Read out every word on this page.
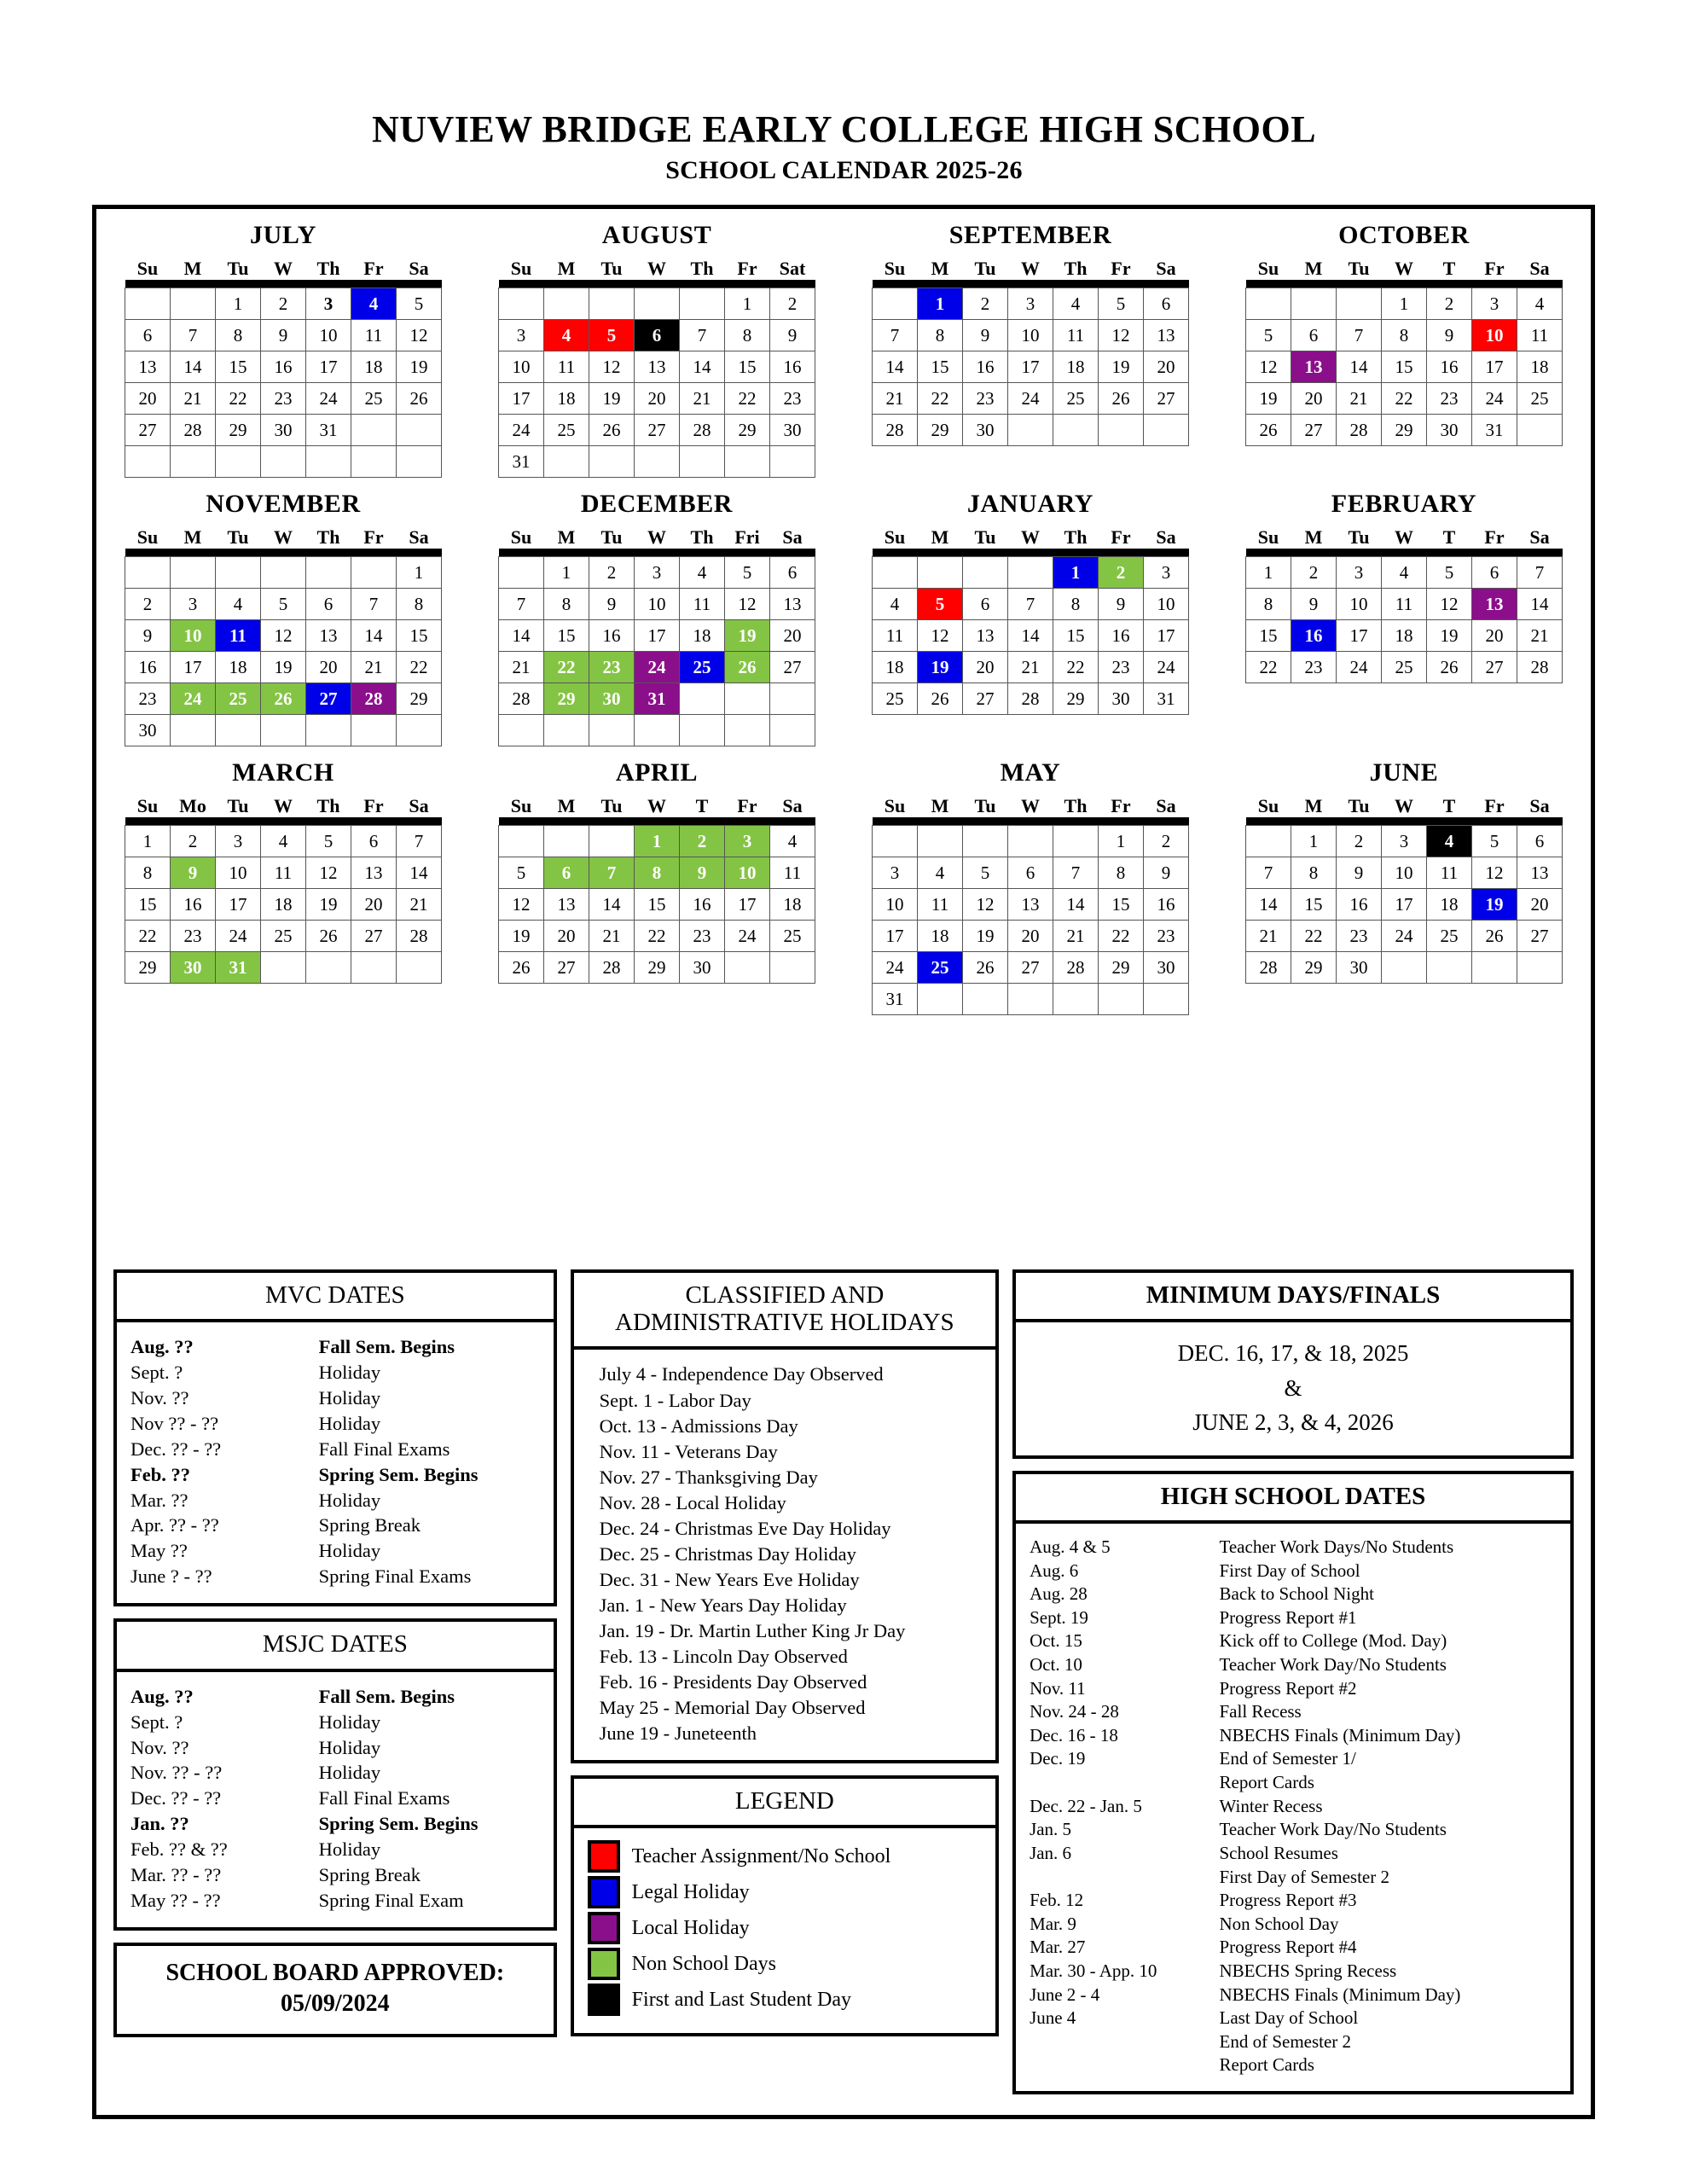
NUVIEW BRIDGE EARLY COLLEGE HIGH SCHOOL
SCHOOL CALENDAR 2025-26
JULY
Su	M	Tu	W	Th	Fr	Sa

		1	2	3	4	5
6	7	8	9	10	11	12
13	14	15	16	17	18	19
20	21	22	23	24	25	26
27	28	29	30	31		

AUGUST
Su	M	Tu	W	Th	Fr	Sat

					1	2
3	4	5	6	7	8	9
10	11	12	13	14	15	16
17	18	19	20	21	22	23
24	25	26	27	28	29	30
31						
SEPTEMBER
Su	M	Tu	W	Th	Fr	Sa

	1	2	3	4	5	6
7	8	9	10	11	12	13
14	15	16	17	18	19	20
21	22	23	24	25	26	27
28	29	30				
OCTOBER
Su	M	Tu	W	T	Fr	Sa

			1	2	3	4
5	6	7	8	9	10	11
12	13	14	15	16	17	18
19	20	21	22	23	24	25
26	27	28	29	30	31	
NOVEMBER
Su	M	Tu	W	Th	Fr	Sa

						1
2	3	4	5	6	7	8
9	10	11	12	13	14	15
16	17	18	19	20	21	22
23	24	25	26	27	28	29
30						
DECEMBER
Su	M	Tu	W	Th	Fri	Sa

	1	2	3	4	5	6
7	8	9	10	11	12	13
14	15	16	17	18	19	20
21	22	23	24	25	26	27
28	29	30	31			

JANUARY
Su	M	Tu	W	Th	Fr	Sa

				1	2	3
4	5	6	7	8	9	10
11	12	13	14	15	16	17
18	19	20	21	22	23	24
25	26	27	28	29	30	31
FEBRUARY
Su	M	Tu	W	T	Fr	Sa

1	2	3	4	5	6	7
8	9	10	11	12	13	14
15	16	17	18	19	20	21
22	23	24	25	26	27	28
MARCH
Su	Mo	Tu	W	Th	Fr	Sa

1	2	3	4	5	6	7
8	9	10	11	12	13	14
15	16	17	18	19	20	21
22	23	24	25	26	27	28
29	30	31				
APRIL
Su	M	Tu	W	T	Fr	Sa

			1	2	3	4
5	6	7	8	9	10	11
12	13	14	15	16	17	18
19	20	21	22	23	24	25
26	27	28	29	30		
MAY
Su	M	Tu	W	Th	Fr	Sa

					1	2
3	4	5	6	7	8	9
10	11	12	13	14	15	16
17	18	19	20	21	22	23
24	25	26	27	28	29	30
31						
JUNE
Su	M	Tu	W	T	Fr	Sa

	1	2	3	4	5	6
7	8	9	10	11	12	13
14	15	16	17	18	19	20
21	22	23	24	25	26	27
28	29	30				
MVC DATES
Aug. ??	Fall Sem. Begins
Sept. ?	Holiday
Nov. ??	Holiday
Nov ?? - ??	Holiday
Dec. ?? - ??	Fall Final Exams
Feb. ??	Spring Sem. Begins
Mar. ??	Holiday
Apr. ?? - ??	Spring Break
May ??	Holiday
June ? - ??	Spring Final Exams
MSJC DATES
Aug. ??	Fall Sem. Begins
Sept. ?	Holiday
Nov. ??	Holiday
Nov. ?? - ??	Holiday
Dec. ?? - ??	Fall Final Exams
Jan. ??	Spring Sem. Begins
Feb. ?? & ??	Holiday
Mar. ?? - ??	Spring Break
May ?? - ??	Spring Final Exam
SCHOOL BOARD APPROVED:
05/09/2024
CLASSIFIED AND
ADMINISTRATIVE HOLIDAYS
July 4 - Independence Day Observed
Sept. 1 - Labor Day
Oct. 13 - Admissions Day
Nov. 11 - Veterans Day
Nov. 27 - Thanksgiving Day
Nov. 28 - Local Holiday
Dec. 24 - Christmas Eve Day Holiday
Dec. 25 - Christmas Day Holiday
Dec. 31 - New Years Eve Holiday
Jan. 1 - New Years Day Holiday
Jan. 19 - Dr. Martin Luther King Jr Day
Feb. 13 - Lincoln Day Observed
Feb. 16 - Presidents Day Observed
May 25 - Memorial Day Observed
June 19 - Juneteenth
LEGEND
Teacher Assignment/No School
Legal Holiday
Local Holiday
Non School Days
First and Last Student Day
MINIMUM DAYS/FINALS
DEC. 16, 17, & 18, 2025
&
JUNE 2, 3, & 4, 2026
HIGH SCHOOL DATES
Aug. 4 & 5	Teacher Work Days/No Students
Aug. 6	First Day of School
Aug. 28	Back to School Night
Sept. 19	Progress Report #1
Oct. 15	Kick off to College (Mod. Day)
Oct. 10	Teacher Work Day/No Students
Nov. 11	Progress Report #2
Nov. 24 - 28	Fall Recess
Dec. 16 - 18	NBECHS Finals (Minimum Day)
Dec. 19	End of Semester 1/
Report Cards
Dec. 22 - Jan. 5	Winter Recess
Jan. 5	Teacher Work Day/No Students
Jan. 6	School Resumes
First Day of Semester 2
Feb. 12	Progress Report #3
Mar. 9	Non School Day
Mar. 27	Progress Report #4
Mar. 30 - App. 10	NBECHS Spring Recess
June 2 - 4	NBECHS Finals (Minimum Day)
June 4	Last Day of School
End of Semester 2
Report Cards
